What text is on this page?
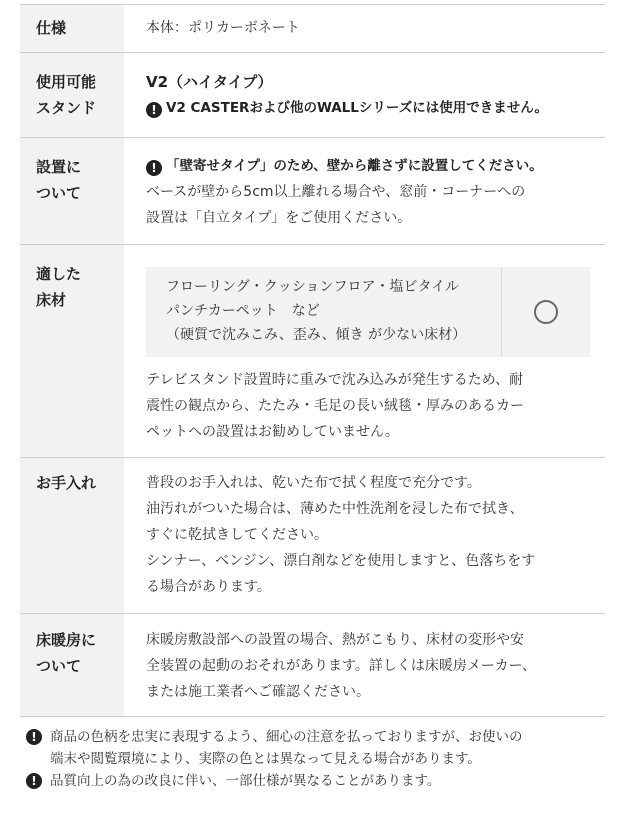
仕様	本体：ポリカーボネート
使用可能
スタンド
V2（ハイタイプ）
! V2 CASTERおよび他のWALLシリーズには使用できません。
設置に
ついて
! 「壁寄せタイプ」のため、壁から離さずに設置してください。
ベースが壁から5cm以上離れる場合や、窓前・コーナーへの
設置は「自立タイプ」をご使用ください。
適した
床材
フローリング・クッションフロア・塩ビタイル
パンチカーペット　など
（硬質で沈みこみ、歪み、傾き が少ない床材）
テレビスタンド設置時に重みで沈み込みが発生するため、耐
震性の観点から、たたみ・毛足の長い絨毯・厚みのあるカー
ペットへの設置はお勧めしていません。
お手入れ	普段のお手入れは、乾いた布で拭く程度で充分です。
油汚れがついた場合は、薄めた中性洗剤を浸した布で拭き、
すぐに乾拭きしてください。
シンナー、ベンジン、漂白剤などを使用しますと、色落ちをす
る場合があります。
床暖房に
ついて
床暖房敷設部への設置の場合、熱がこもり、床材の変形や安
全装置の起動のおそれがあります。詳しくは床暖房メーカー、
または施工業者へご確認ください。
! 商品の色柄を忠実に表現するよう、細心の注意を払っておりますが、お使いの
端末や閲覧環境により、実際の色とは異なって見える場合があります。
! 品質向上の為の改良に伴い、一部仕様が異なることがあります。
